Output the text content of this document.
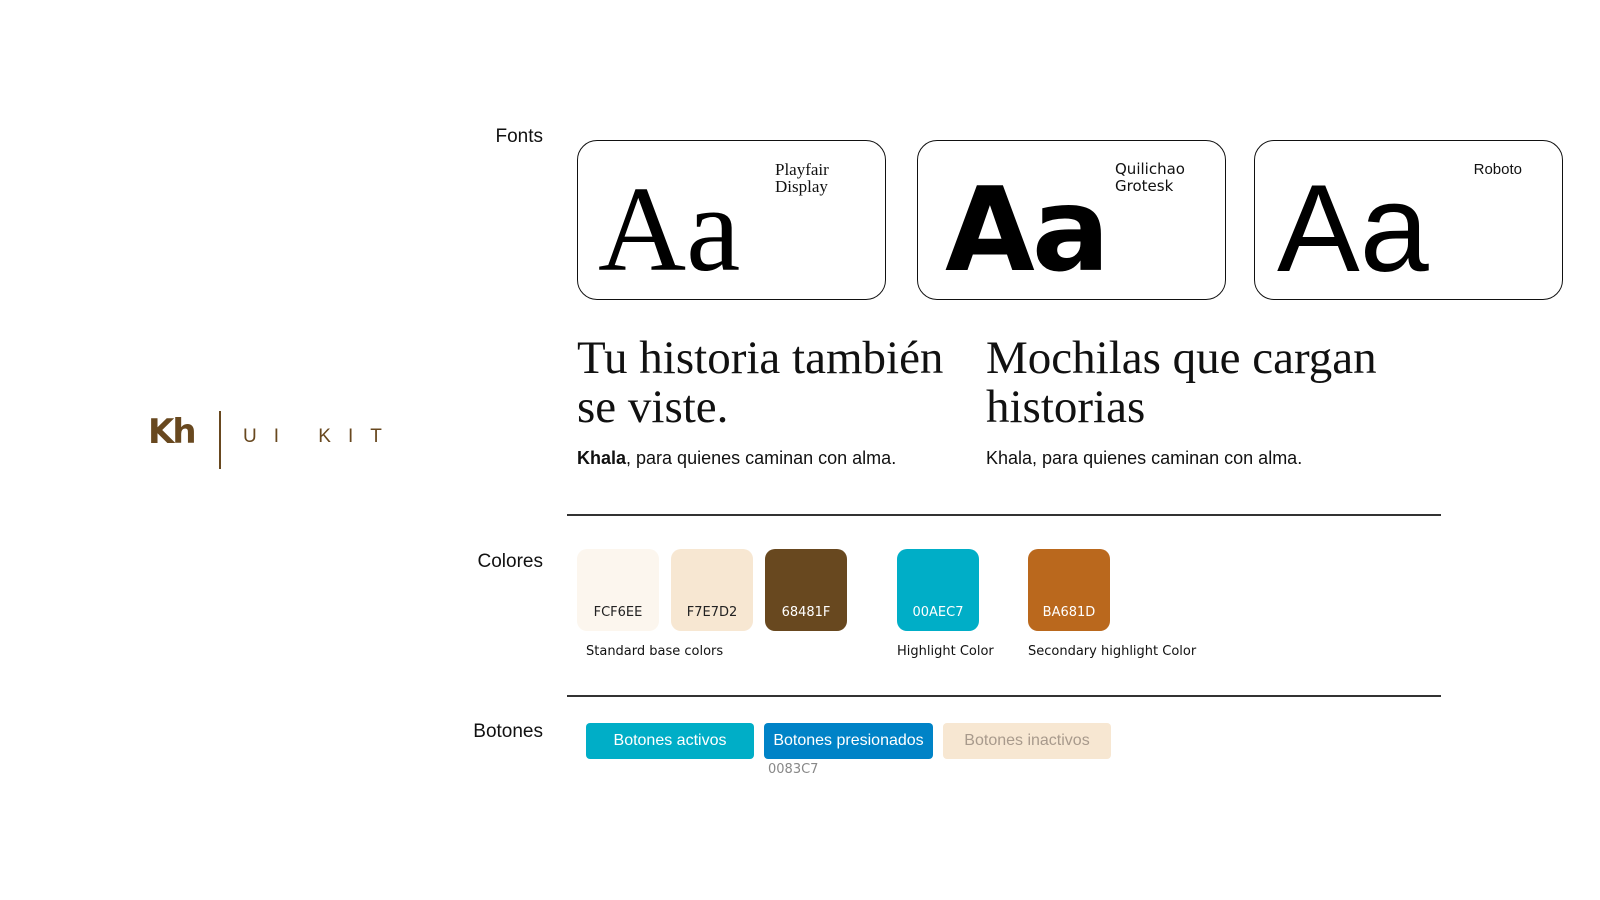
Kh	UI KIT
Fonts
Aa Playfair Display Aa Quilichao Grotesk Aa	Roboto
Tu historia también se viste.
Khala, para quienes caminan con alma.
Mochilas que cargan historias
Khala, para quienes caminan con alma.
Colores
FCF6EE	F7E7D2	68481F	00AEC7	BA681D
Standard base colors	Highlight Color	Secondary highlight Color
Botones	Botones activos	Botones presionados	Botones inactivos
0083C7
